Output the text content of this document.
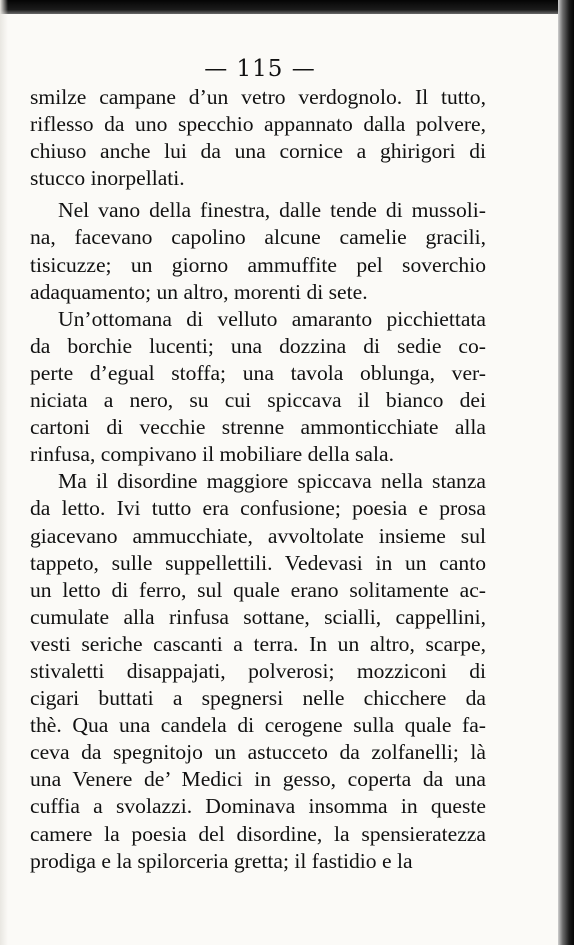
— 115 —
smilze campane d’un vetro verdognolo. Il tutto,
riflesso da uno specchio appannato dalla polvere,
chiuso anche lui da una cornice a ghirigori di
stucco inorpellati.
Nel vano della finestra, dalle tende di mussoli-
na, facevano capolino alcune camelie gracili,
tisicuzze; un giorno ammuffite pel soverchio
adaquamento; un altro, morenti di sete.
Un’ottomana di velluto amaranto picchiettata
da borchie lucenti; una dozzina di sedie co-
perte d’egual stoffa; una tavola oblunga, ver-
niciata a nero, su cui spiccava il bianco dei
cartoni di vecchie strenne ammonticchiate alla
rinfusa, compivano il mobiliare della sala.
Ma il disordine maggiore spiccava nella stanza
da letto. Ivi tutto era confusione; poesia e prosa
giacevano ammucchiate, avvoltolate insieme sul
tappeto, sulle suppellettili. Vedevasi in un canto
un letto di ferro, sul quale erano solitamente ac-
cumulate alla rinfusa sottane, scialli, cappellini,
vesti seriche cascanti a terra. In un altro, scarpe,
stivaletti disappajati, polverosi; mozziconi di
cigari buttati a spegnersi nelle chicchere da
thè. Qua una candela di cerogene sulla quale fa-
ceva da spegnitojo un astucceto da zolfanelli; là
una Venere de’ Medici in gesso, coperta da una
cuffia a svolazzi. Dominava insomma in queste
camere la poesia del disordine, la spensieratezza
prodiga e la spilorceria gretta; il fastidio e la
